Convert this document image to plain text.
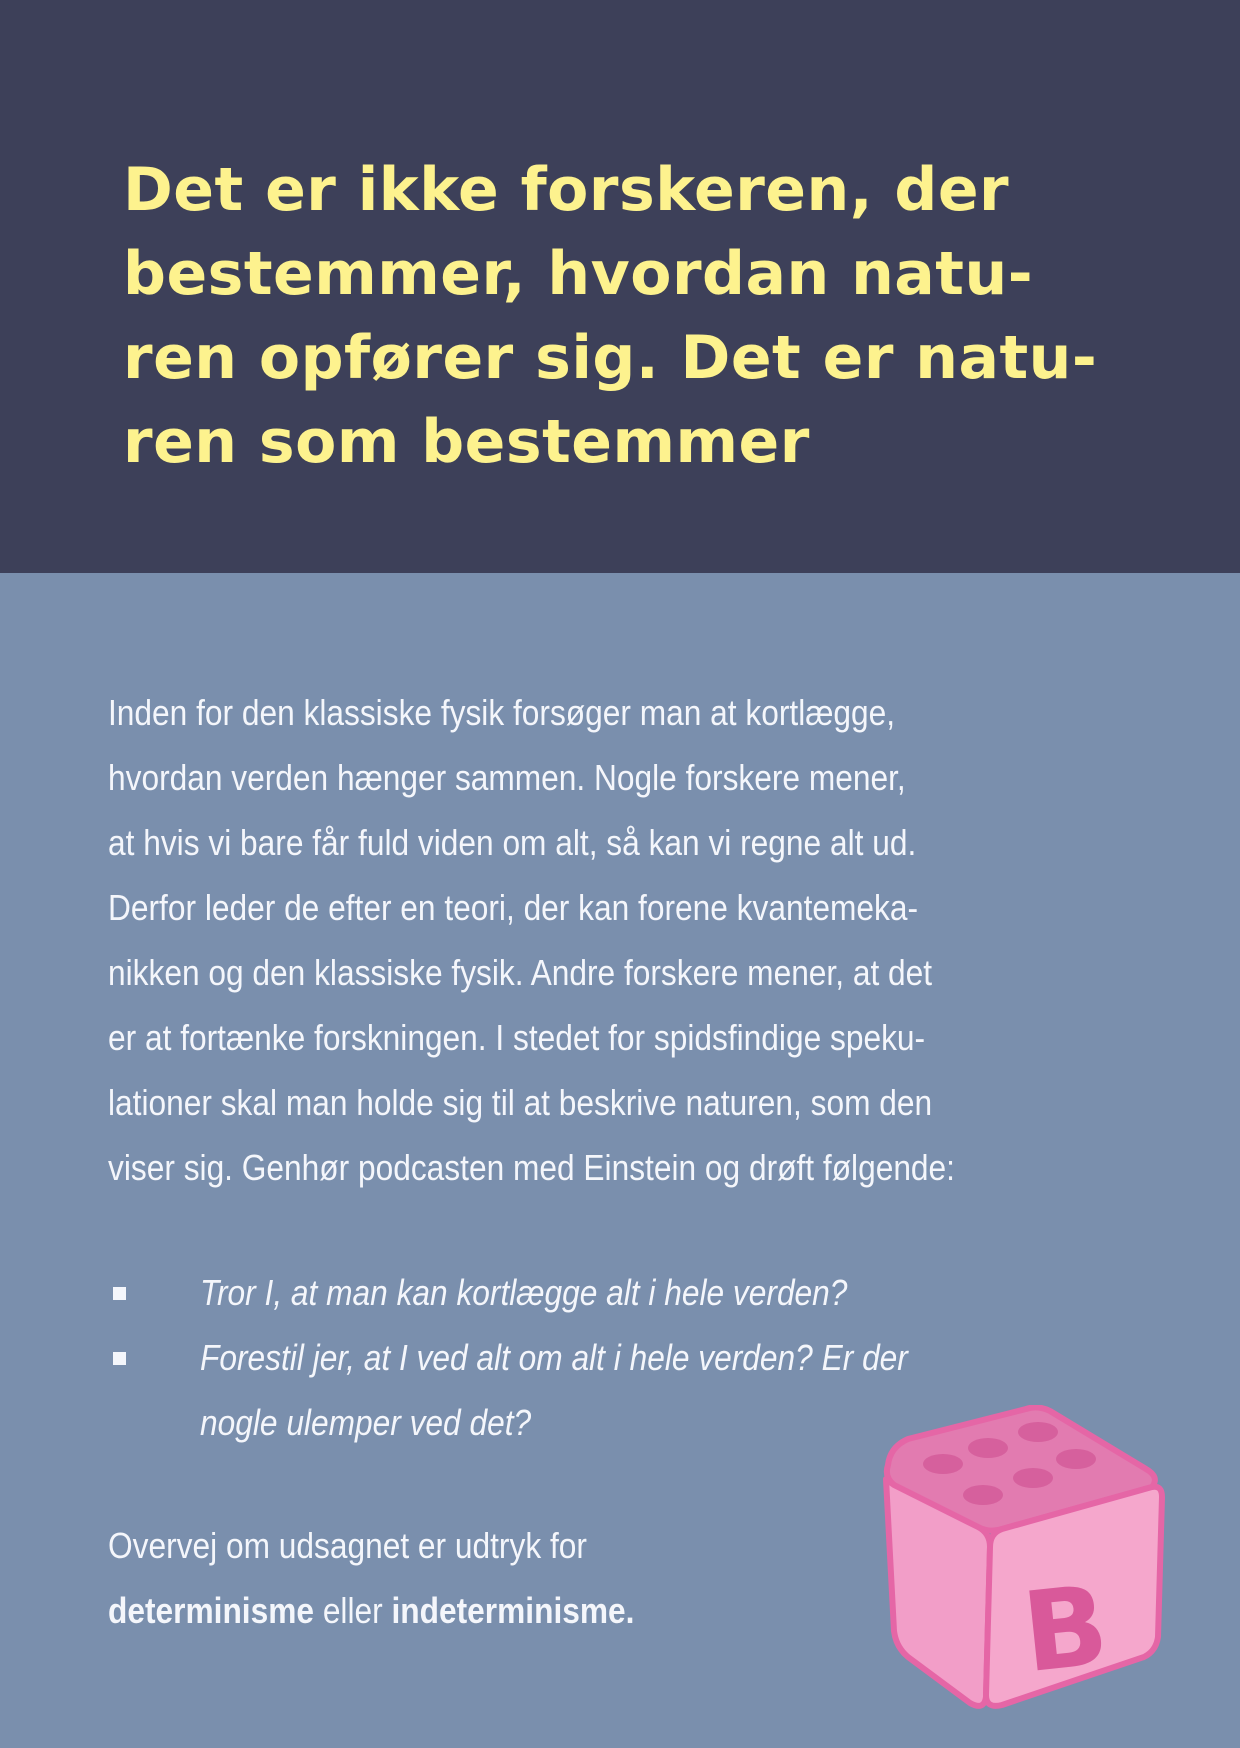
Det er ikke forskeren, der
bestemmer, hvordan natu-
ren opfører sig. Det er natu-
ren som bestemmer
Inden for den klassiske fysik forsøger man at kortlægge,
hvordan verden hænger sammen. Nogle forskere mener,
at hvis vi bare får fuld viden om alt, så kan vi regne alt ud.
Derfor leder de efter en teori, der kan forene kvantemeka-
nikken og den klassiske fysik. Andre forskere mener, at det
er at fortænke forskningen. I stedet for spidsfindige speku-
lationer skal man holde sig til at beskrive naturen, som den
viser sig. Genhør podcasten med Einstein og drøft følgende:
Tror I, at man kan kortlægge alt i hele verden?
Forestil jer, at I ved alt om alt i hele verden? Er der
nogle ulemper ved det?
Overvej om udsagnet er udtryk for
determinisme eller indeterminisme.	B
